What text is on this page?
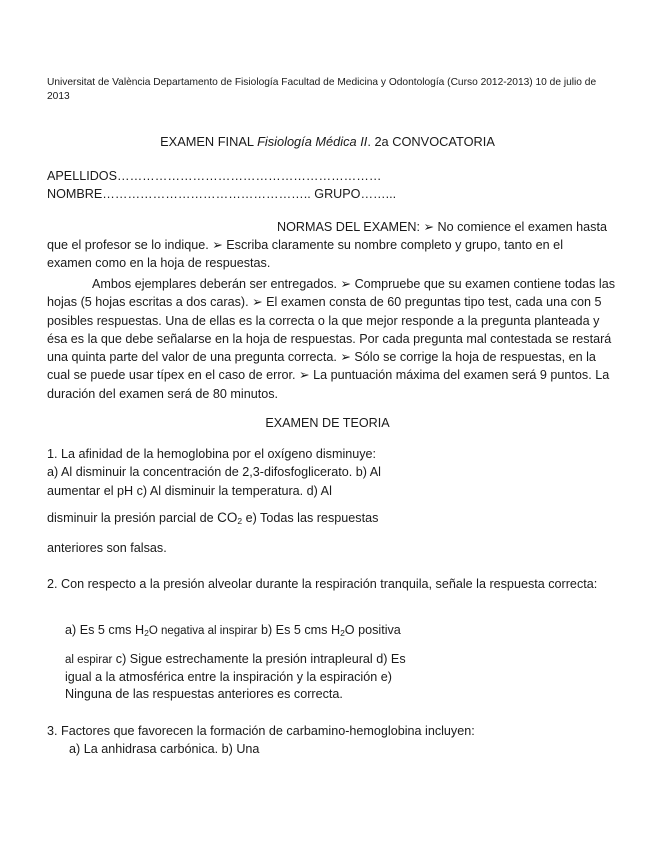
Universitat de València Departamento de Fisiología Facultad de Medicina y Odontología (Curso 2012-2013) 10 de julio de 2013

EXAMEN FINAL Fisiología Médica II. 2a CONVOCATORIA

APELLIDOS………………………………………………………

NOMBRE………………………………………….. GRUPO……...

NORMAS DEL EXAMEN: ➢ No comience el examen hasta

que el profesor se lo indique. ➢ Escriba claramente su nombre completo y grupo, tanto en el examen como en la hoja de respuestas.

Ambos ejemplares deberán ser entregados. ➢ Compruebe que su examen contiene todas las hojas (5 hojas escritas a dos caras). ➢ El examen consta de 60 preguntas tipo test, cada una con 5 posibles respuestas. Una de ellas es la correcta o la que mejor responde a la pregunta planteada y ésa es la que debe señalarse en la hoja de respuestas. Por cada pregunta mal contestada se restará una quinta parte del valor de una pregunta correcta. ➢ Sólo se corrige la hoja de respuestas, en la cual se puede usar típex en el caso de error. ➢ La puntuación máxima del examen será 9 puntos. La duración del examen será de 80 minutos.

EXAMEN DE TEORIA

1. La afinidad de la hemoglobina por el oxígeno disminuye:
a) Al disminuir la concentración de 2,3-difosfoglicerato. b) Al
aumentar el pH c) Al disminuir la temperatura. d) Al
disminuir la presión parcial de $CO_2$ e) Todas las respuestas
anteriores son falsas.
2. Con respecto a la presión alveolar durante la respiración tranquila, señale la respuesta correcta:
a) Es 5 cms $H_2O$ negativa al inspirar b) Es 5 cms $H_2O$ positiva
al espirar c) Sigue estrechamente la presión intrapleural d) Es
igual a la atmosférica entre la inspiración y la espiración e)
Ninguna de las respuestas anteriores es correcta.
3. Factores que favorecen la formación de carbamino-hemoglobina incluyen:
a) La anhidrasa carbónica. b) Una
